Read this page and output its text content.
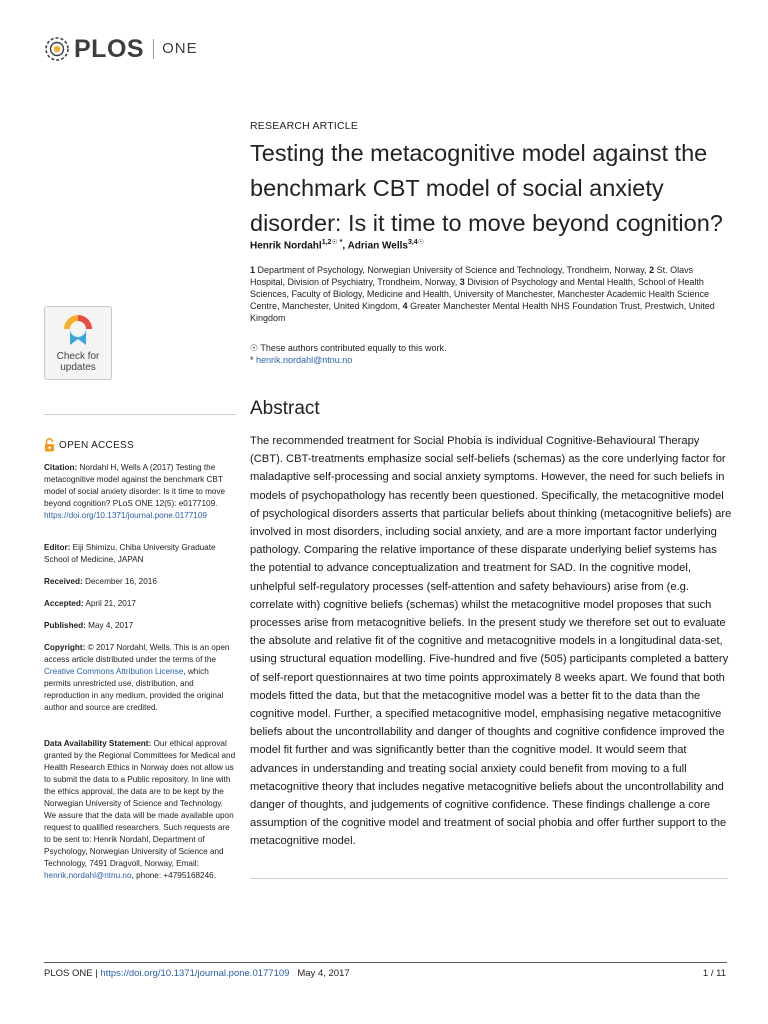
PLOS ONE
Check for
updates
RESEARCH ARTICLE
Testing the metacognitive model against the benchmark CBT model of social anxiety disorder: Is it time to move beyond cognition?
Henrik Nordahl$^{1,2☉ *}$, Adrian Wells$^{3,4☉}$
1 Department of Psychology, Norwegian University of Science and Technology, Trondheim, Norway, 2 St. Olavs Hospital, Division of Psychiatry, Trondheim, Norway, 3 Division of Psychology and Mental Health, School of Health Sciences, Faculty of Biology, Medicine and Health, University of Manchester, Manchester Academic Health Science Centre, Manchester, United Kingdom, 4 Greater Manchester Mental Health NHS Foundation Trust, Prestwich, United Kingdom
☉ These authors contributed equally to this work.
* henrik.nordahl@ntnu.no
Abstract

The recommended treatment for Social Phobia is individual Cognitive-Behavioural Therapy (CBT). CBT-treatments emphasize social self-beliefs (schemas) as the core underlying factor for maladaptive self-processing and social anxiety symptoms. However, the need for such beliefs in models of psychopathology has recently been questioned. Specifically, the metacognitive model of psychological disorders asserts that particular beliefs about thinking (metacognitive beliefs) are involved in most disorders, including social anxiety, and are a more important factor underlying pathology. Comparing the relative importance of these disparate underlying belief systems has the potential to advance conceptualization and treatment for SAD. In the cognitive model, unhelpful self-regulatory processes (self-attention and safety behaviours) arise from (e.g. correlate with) cognitive beliefs (schemas) whilst the metacognitive model proposes that such processes arise from metacognitive beliefs. In the present study we therefore set out to evaluate the absolute and relative fit of the cognitive and metacognitive models in a longitudinal data-set, using structural equation modelling. Five-hundred and five (505) participants completed a battery of self-report questionnaires at two time points approximately 8 weeks apart. We found that both models fitted the data, but that the metacognitive model was a better fit to the data than the cognitive model. Further, a specified metacognitive model, emphasising negative metacognitive beliefs about the uncontrollability and danger of thoughts and cognitive confidence improved the model fit further and was significantly better than the cognitive model. It would seem that advances in understanding and treating social anxiety could benefit from moving to a full metacognitive theory that includes negative metacognitive beliefs about the uncontrollability and danger of thoughts, and judgements of cognitive confidence. These findings challenge a core assumption of the cognitive model and treatment of social phobia and offer further support to the metacognitive model.

OPEN ACCESS

Citation: Nordahl H, Wells A (2017) Testing the metacognitive model against the benchmark CBT model of social anxiety disorder: Is it time to move beyond cognition? PLoS ONE 12(5): e0177109. https://doi.org/10.1371/journal.pone.0177109

Editor: Eiji Shimizu, Chiba University Graduate School of Medicine, JAPAN

Received: December 16, 2016

Accepted: April 21, 2017

Published: May 4, 2017

Copyright: © 2017 Nordahl, Wells. This is an open access article distributed under the terms of the Creative Commons Attribution License, which permits unrestricted use, distribution, and reproduction in any medium, provided the original author and source are credited.

Data Availability Statement: Our ethical approval granted by the Regional Committees for Medical and Health Research Ethics in Norway does not allow us to submit the data to a Public repository. In line with the ethics approval, the data are to be kept by the Norwegian University of Science and Technology. We assure that the data will be made available upon request to qualified researchers. Such requests are to be sent to: Henrik Nordahl, Department of Psychology, Norwegian University of Science and Technology, 7491 Dragvoll, Norway, Email: henrik.nordahl@ntnu.no, phone: +4795168246.

PLOS ONE | https://doi.org/10.1371/journal.pone.0177109 May 4, 2017	1 / 11
